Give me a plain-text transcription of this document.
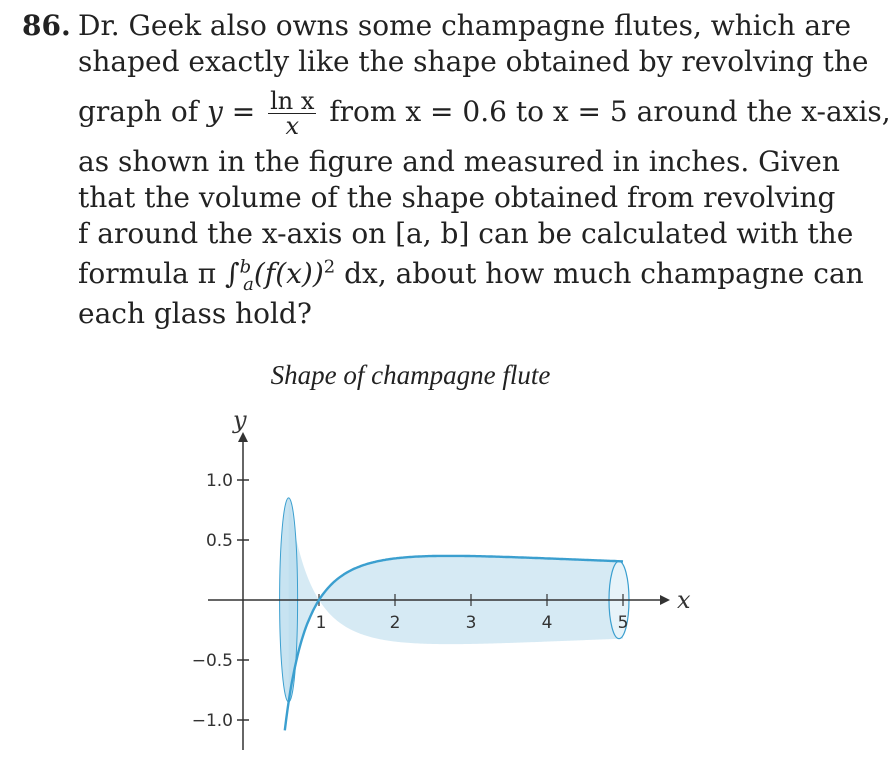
86. Dr. Geek also owns some champagne flutes, which are
shaped exactly like the shape obtained by revolving the
graph of $y = \frac{\text{ln x}}{x}$ from x = 0.6 to x = 5 around the x-axis,
as shown in the figure and measured in inches. Given
that the volume of the shape obtained from revolving
f around the x-axis on [a, b] can be calculated with the
formula π $\int^b_a(f(x))^2$ dx, about how much champagne can
each glass hold?
Shape of champagne flute
1.0
0.5
−0.5
−1.0
1	2	3	4	5
x
y
